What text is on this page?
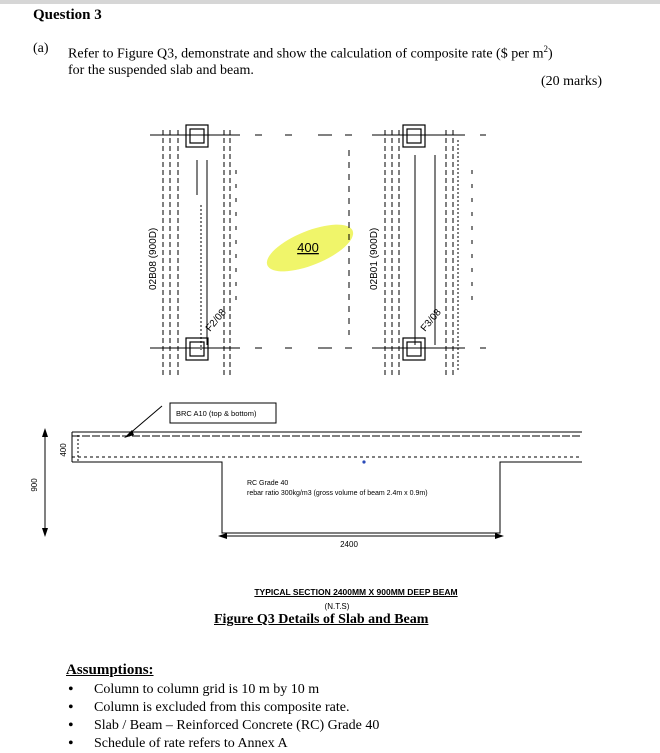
Question 3
(a) Refer to Figure Q3, demonstrate and show the calculation of composite rate ($ per $m^2$)
for the suspended slab and beam.
(20 marks)
02B08 (900D)	02B01 (900D)
400
F2/08	F3/08
BRC A10 (top & bottom)
900
400
RC Grade 40
rebar ratio 300kg/m3 (gross volume of beam 2.4m x 0.9m)
2400
TYPICAL SECTION 2400MM X 900MM DEEP BEAM
(N.T.S)
Figure Q3 Details of Slab and Beam
Assumptions:
• Column to column grid is 10 m by 10 m
• Column is excluded from this composite rate.
• Slab / Beam – Reinforced Concrete (RC) Grade 40
• Schedule of rate refers to Annex A
